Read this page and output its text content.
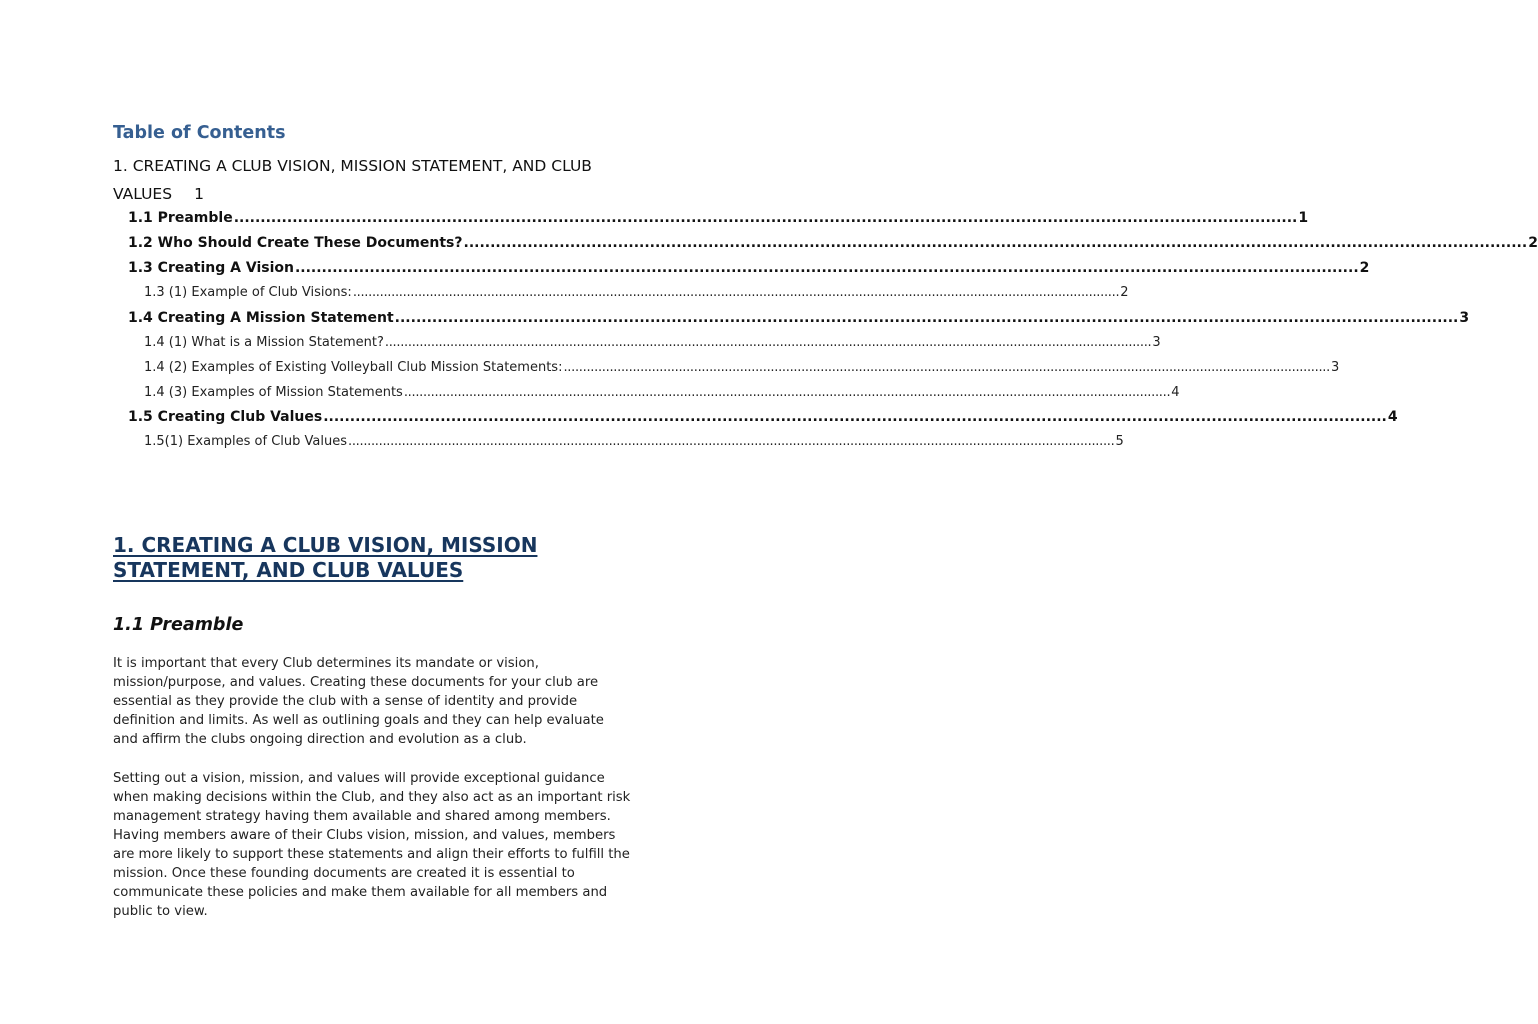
Table of Contents
1. CREATING A CLUB VISION, MISSION STATEMENT, AND CLUB VALUES 1
1.1 Preamble ........................................................................................................................................................................................................ 1
1.2 Who Should Create These Documents? ........................................................................................................................................................................................................ 2
1.3 Creating A Vision ........................................................................................................................................................................................................ 2
1.3 (1) Example of Club Visions: ........................................................................................................................................................................................................ 2
1.4 Creating A Mission Statement ........................................................................................................................................................................................................ 3
1.4 (1) What is a Mission Statement? ........................................................................................................................................................................................................ 3
1.4 (2) Examples of Existing Volleyball Club Mission Statements: ........................................................................................................................................................................................................ 3
1.4 (3) Examples of Mission Statements ........................................................................................................................................................................................................ 4
1.5 Creating Club Values ........................................................................................................................................................................................................ 4
1.5(1) Examples of Club Values ........................................................................................................................................................................................................ 5
1. CREATING A CLUB VISION, MISSION STATEMENT, AND CLUB VALUES
1.1 Preamble

It is important that every Club determines its mandate or vision,
mission/purpose, and values. Creating these documents for your club are
essential as they provide the club with a sense of identity and provide
definition and limits. As well as outlining goals and they can help evaluate
and affirm the clubs ongoing direction and evolution as a club.

Setting out a vision, mission, and values will provide exceptional guidance
when making decisions within the Club, and they also act as an important risk
management strategy having them available and shared among members.
Having members aware of their Clubs vision, mission, and values, members
are more likely to support these statements and align their efforts to fulfill the
mission. Once these founding documents are created it is essential to
communicate these policies and make them available for all members and
public to view.
